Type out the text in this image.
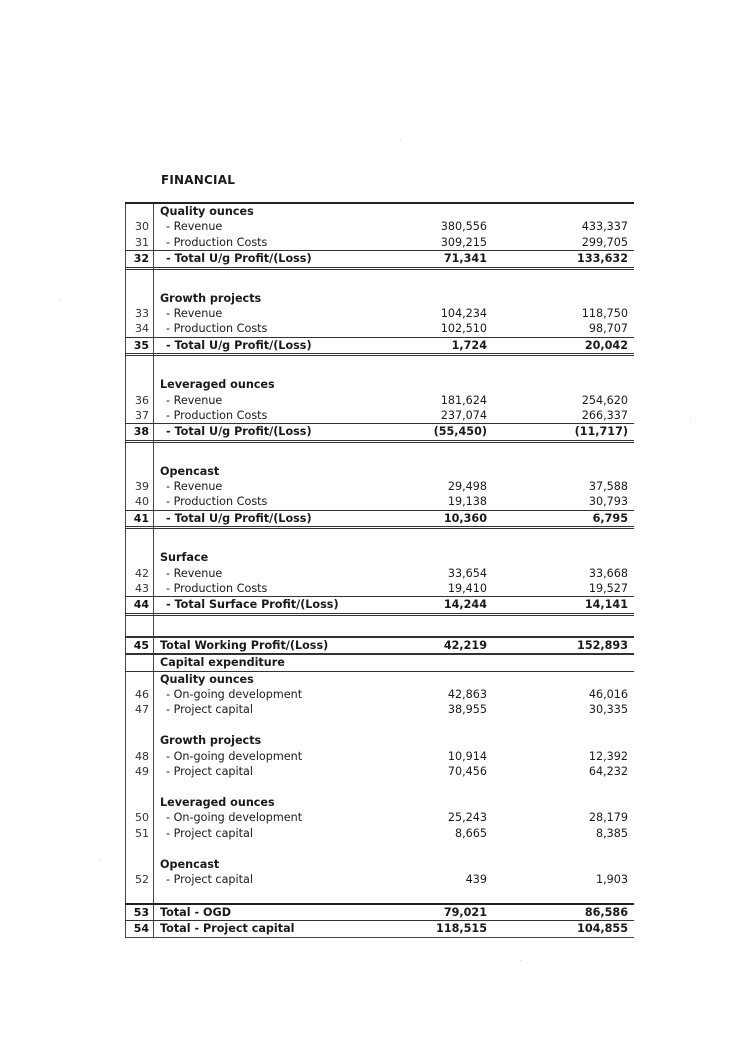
FINANCIAL
Quality ounces
30 - Revenue	380,556	433,337
31 - Production Costs	309,215	299,705
32 - Total U/g Profit/(Loss)	71,341	133,632
Growth projects
33 - Revenue	104,234	118,750
34 - Production Costs	102,510	98,707
35 - Total U/g Profit/(Loss)	1,724	20,042
Leveraged ounces
36 - Revenue	181,624	254,620
37 - Production Costs	237,074	266,337
38 - Total U/g Profit/(Loss)	(55,450)	(11,717)
Opencast
39 - Revenue	29,498	37,588
40 - Production Costs	19,138	30,793
41 - Total U/g Profit/(Loss)	10,360	6,795
Surface
42 - Revenue	33,654	33,668
43 - Production Costs	19,410	19,527
44 - Total Surface Profit/(Loss)	14,244	14,141
45 Total Working Profit/(Loss)	42,219	152,893
Capital expenditure
Quality ounces
46 - On-going development	42,863	46,016
47 - Project capital	38,955	30,335
Growth projects
48 - On-going development	10,914	12,392
49 - Project capital	70,456	64,232
Leveraged ounces
50 - On-going development	25,243	28,179
51 - Project capital	8,665	8,385
Opencast
52 - Project capital	439	1,903
53 Total - OGD	79,021	86,586
54 Total - Project capital	118,515	104,855
